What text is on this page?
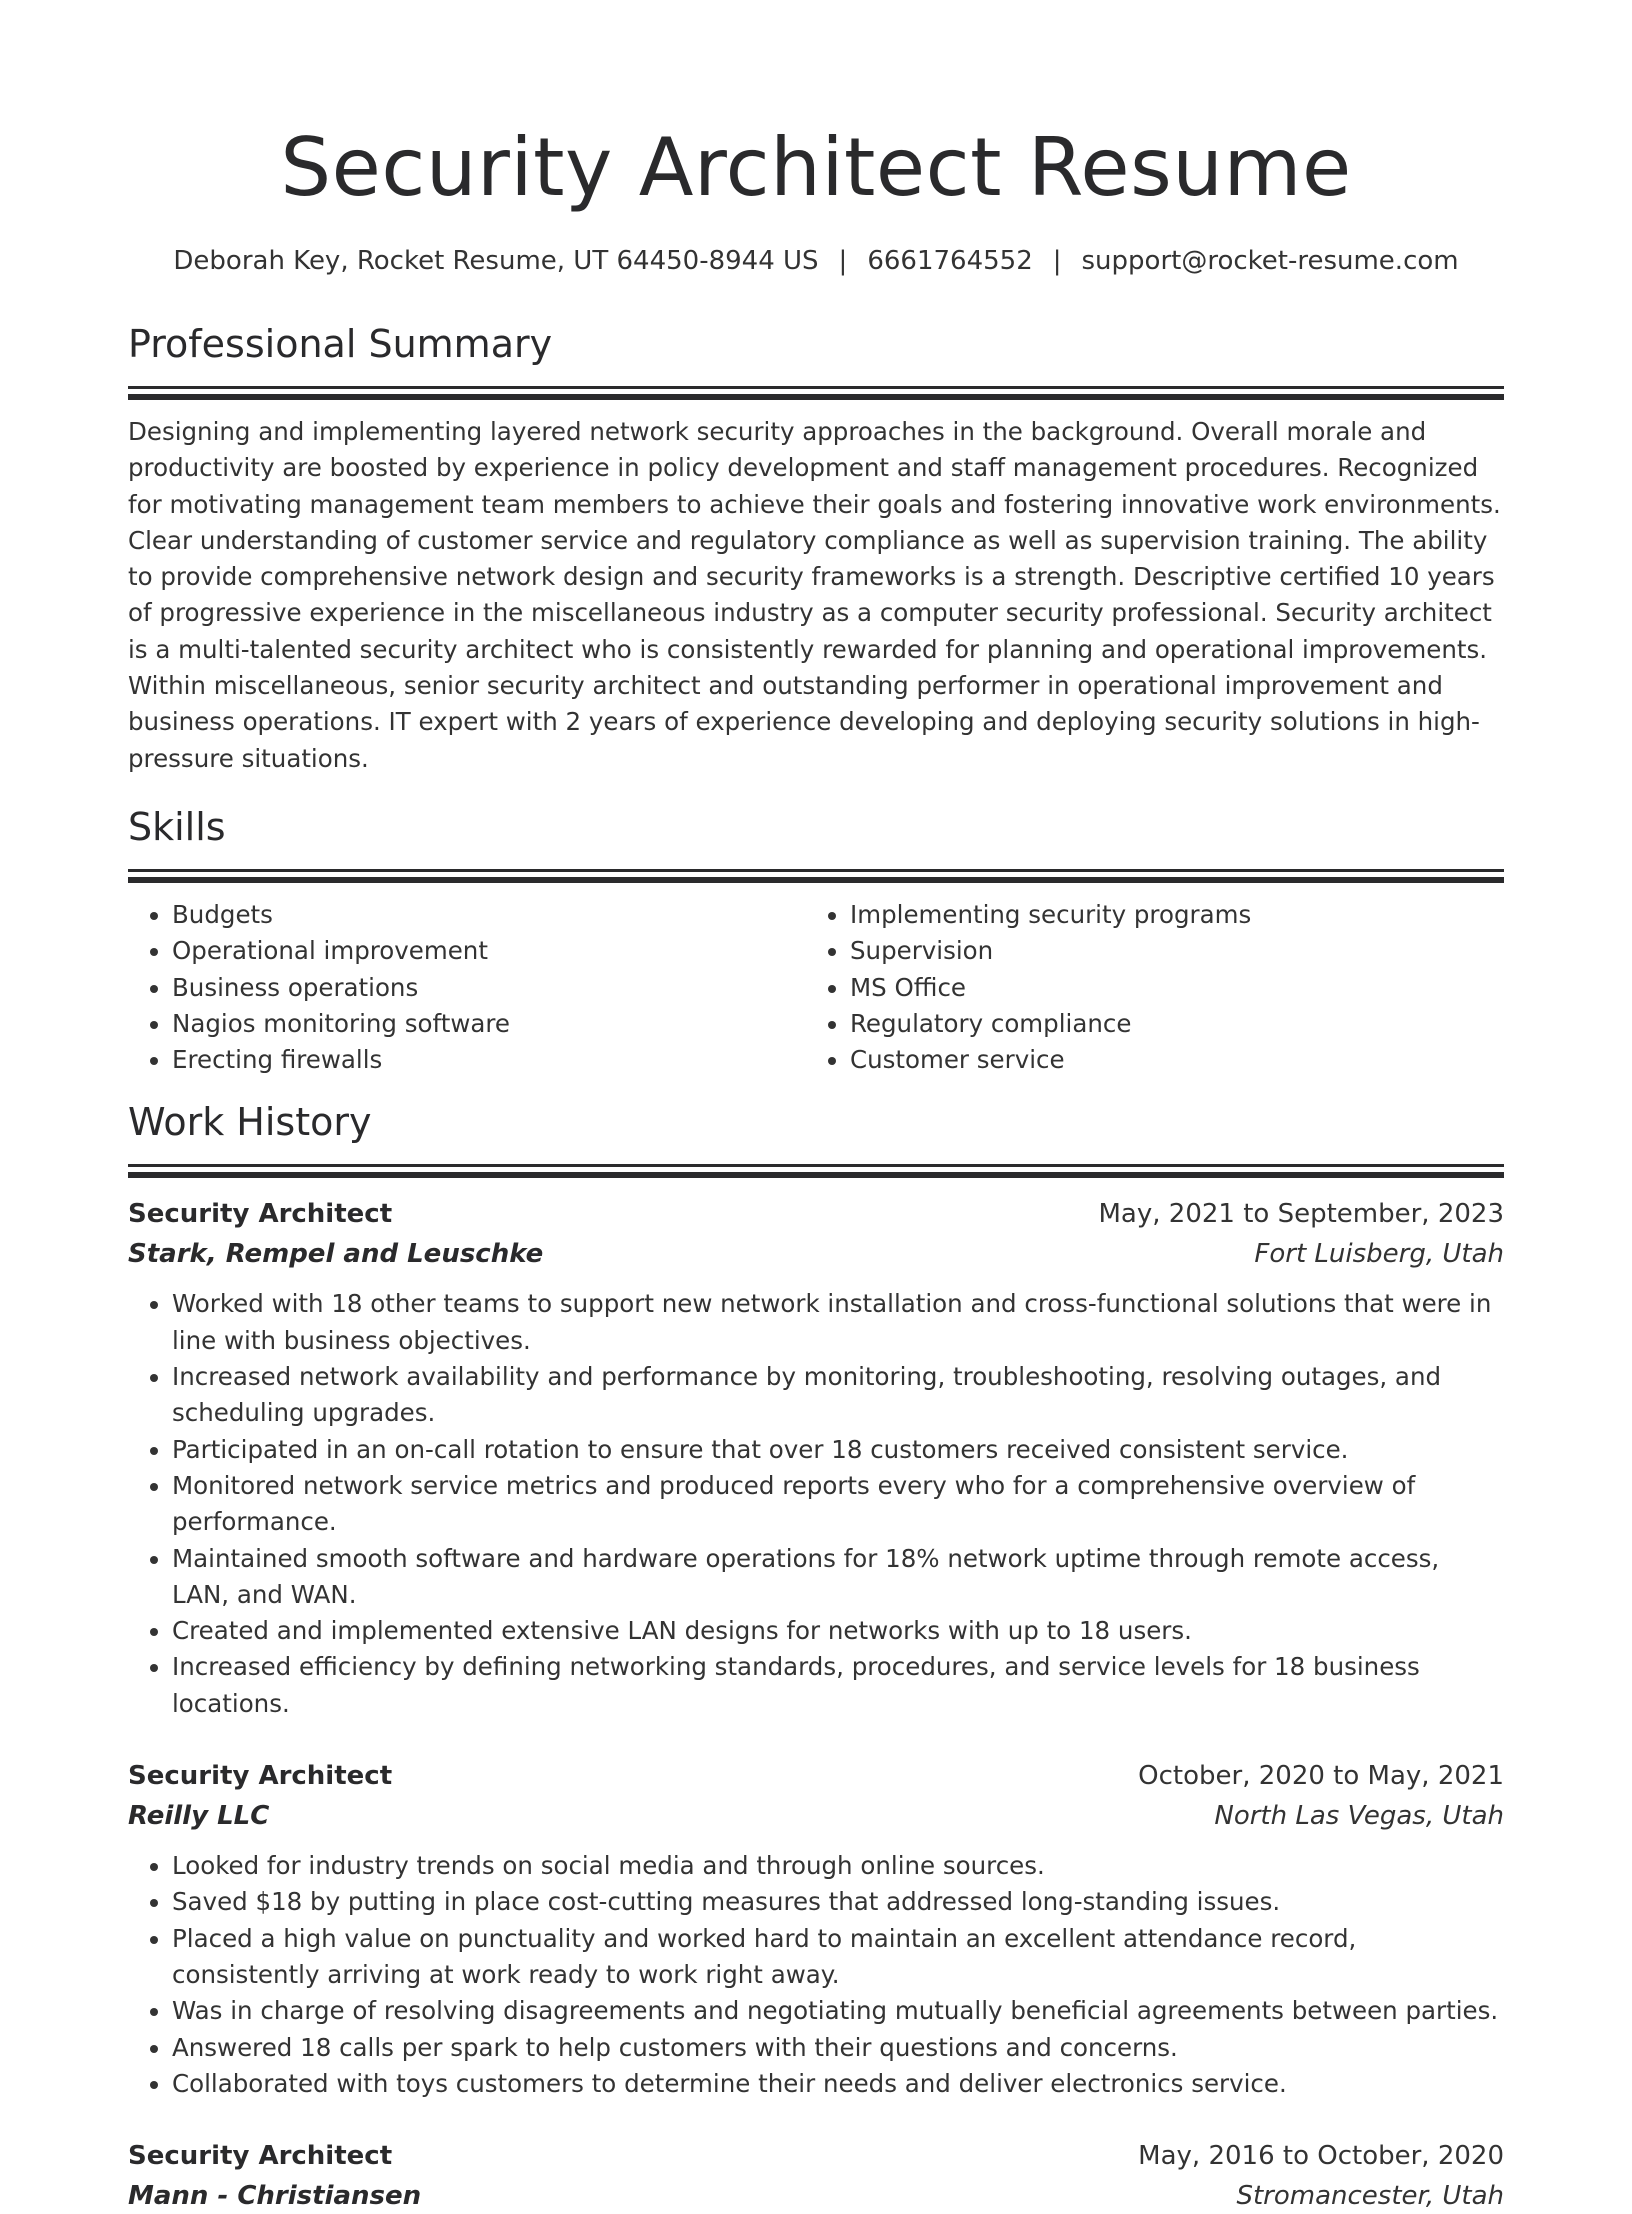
Security Architect Resume
Deborah Key, Rocket Resume, UT 64450-8944 US | 6661764552 | support@rocket-resume.com
Professional Summary

Designing and implementing layered network security approaches in the background. Overall morale and productivity are boosted by experience in policy development and staff management procedures. Recognized for motivating management team members to achieve their goals and fostering innovative work environments. Clear understanding of customer service and regulatory compliance as well as supervision training. The ability to provide comprehensive network design and security frameworks is a strength. Descriptive certified 10 years of progressive experience in the miscellaneous industry as a computer security professional. Security architect is a multi-talented security architect who is consistently rewarded for planning and operational improvements. Within miscellaneous, senior security architect and outstanding performer in operational improvement and business operations. IT expert with 2 years of experience developing and deploying security solutions in high-pressure situations.

Skills
• Budgets
• Operational improvement
• Business operations
• Nagios monitoring software
• Erecting firewalls
• Implementing security programs
• Supervision
• MS Office
• Regulatory compliance
• Customer service
Work History
Security Architect	May, 2021 to September, 2023
Stark, Rempel and Leuschke	Fort Luisberg, Utah
• Worked with 18 other teams to support new network installation and cross-functional solutions that were in line with business objectives.
• Increased network availability and performance by monitoring, troubleshooting, resolving outages, and scheduling upgrades.
• Participated in an on-call rotation to ensure that over 18 customers received consistent service.
• Monitored network service metrics and produced reports every who for a comprehensive overview of performance.
• Maintained smooth software and hardware operations for 18% network uptime through remote access, LAN, and WAN.
• Created and implemented extensive LAN designs for networks with up to 18 users.
• Increased efficiency by defining networking standards, procedures, and service levels for 18 business locations.
Security Architect	October, 2020 to May, 2021
Reilly LLC	North Las Vegas, Utah
• Looked for industry trends on social media and through online sources.
• Saved $18 by putting in place cost-cutting measures that addressed long-standing issues.
• Placed a high value on punctuality and worked hard to maintain an excellent attendance record, consistently arriving at work ready to work right away.
• Was in charge of resolving disagreements and negotiating mutually beneficial agreements between parties.
• Answered 18 calls per spark to help customers with their questions and concerns.
• Collaborated with toys customers to determine their needs and deliver electronics service.
Security Architect	May, 2016 to October, 2020
Mann - Christiansen	Stromancester, Utah
